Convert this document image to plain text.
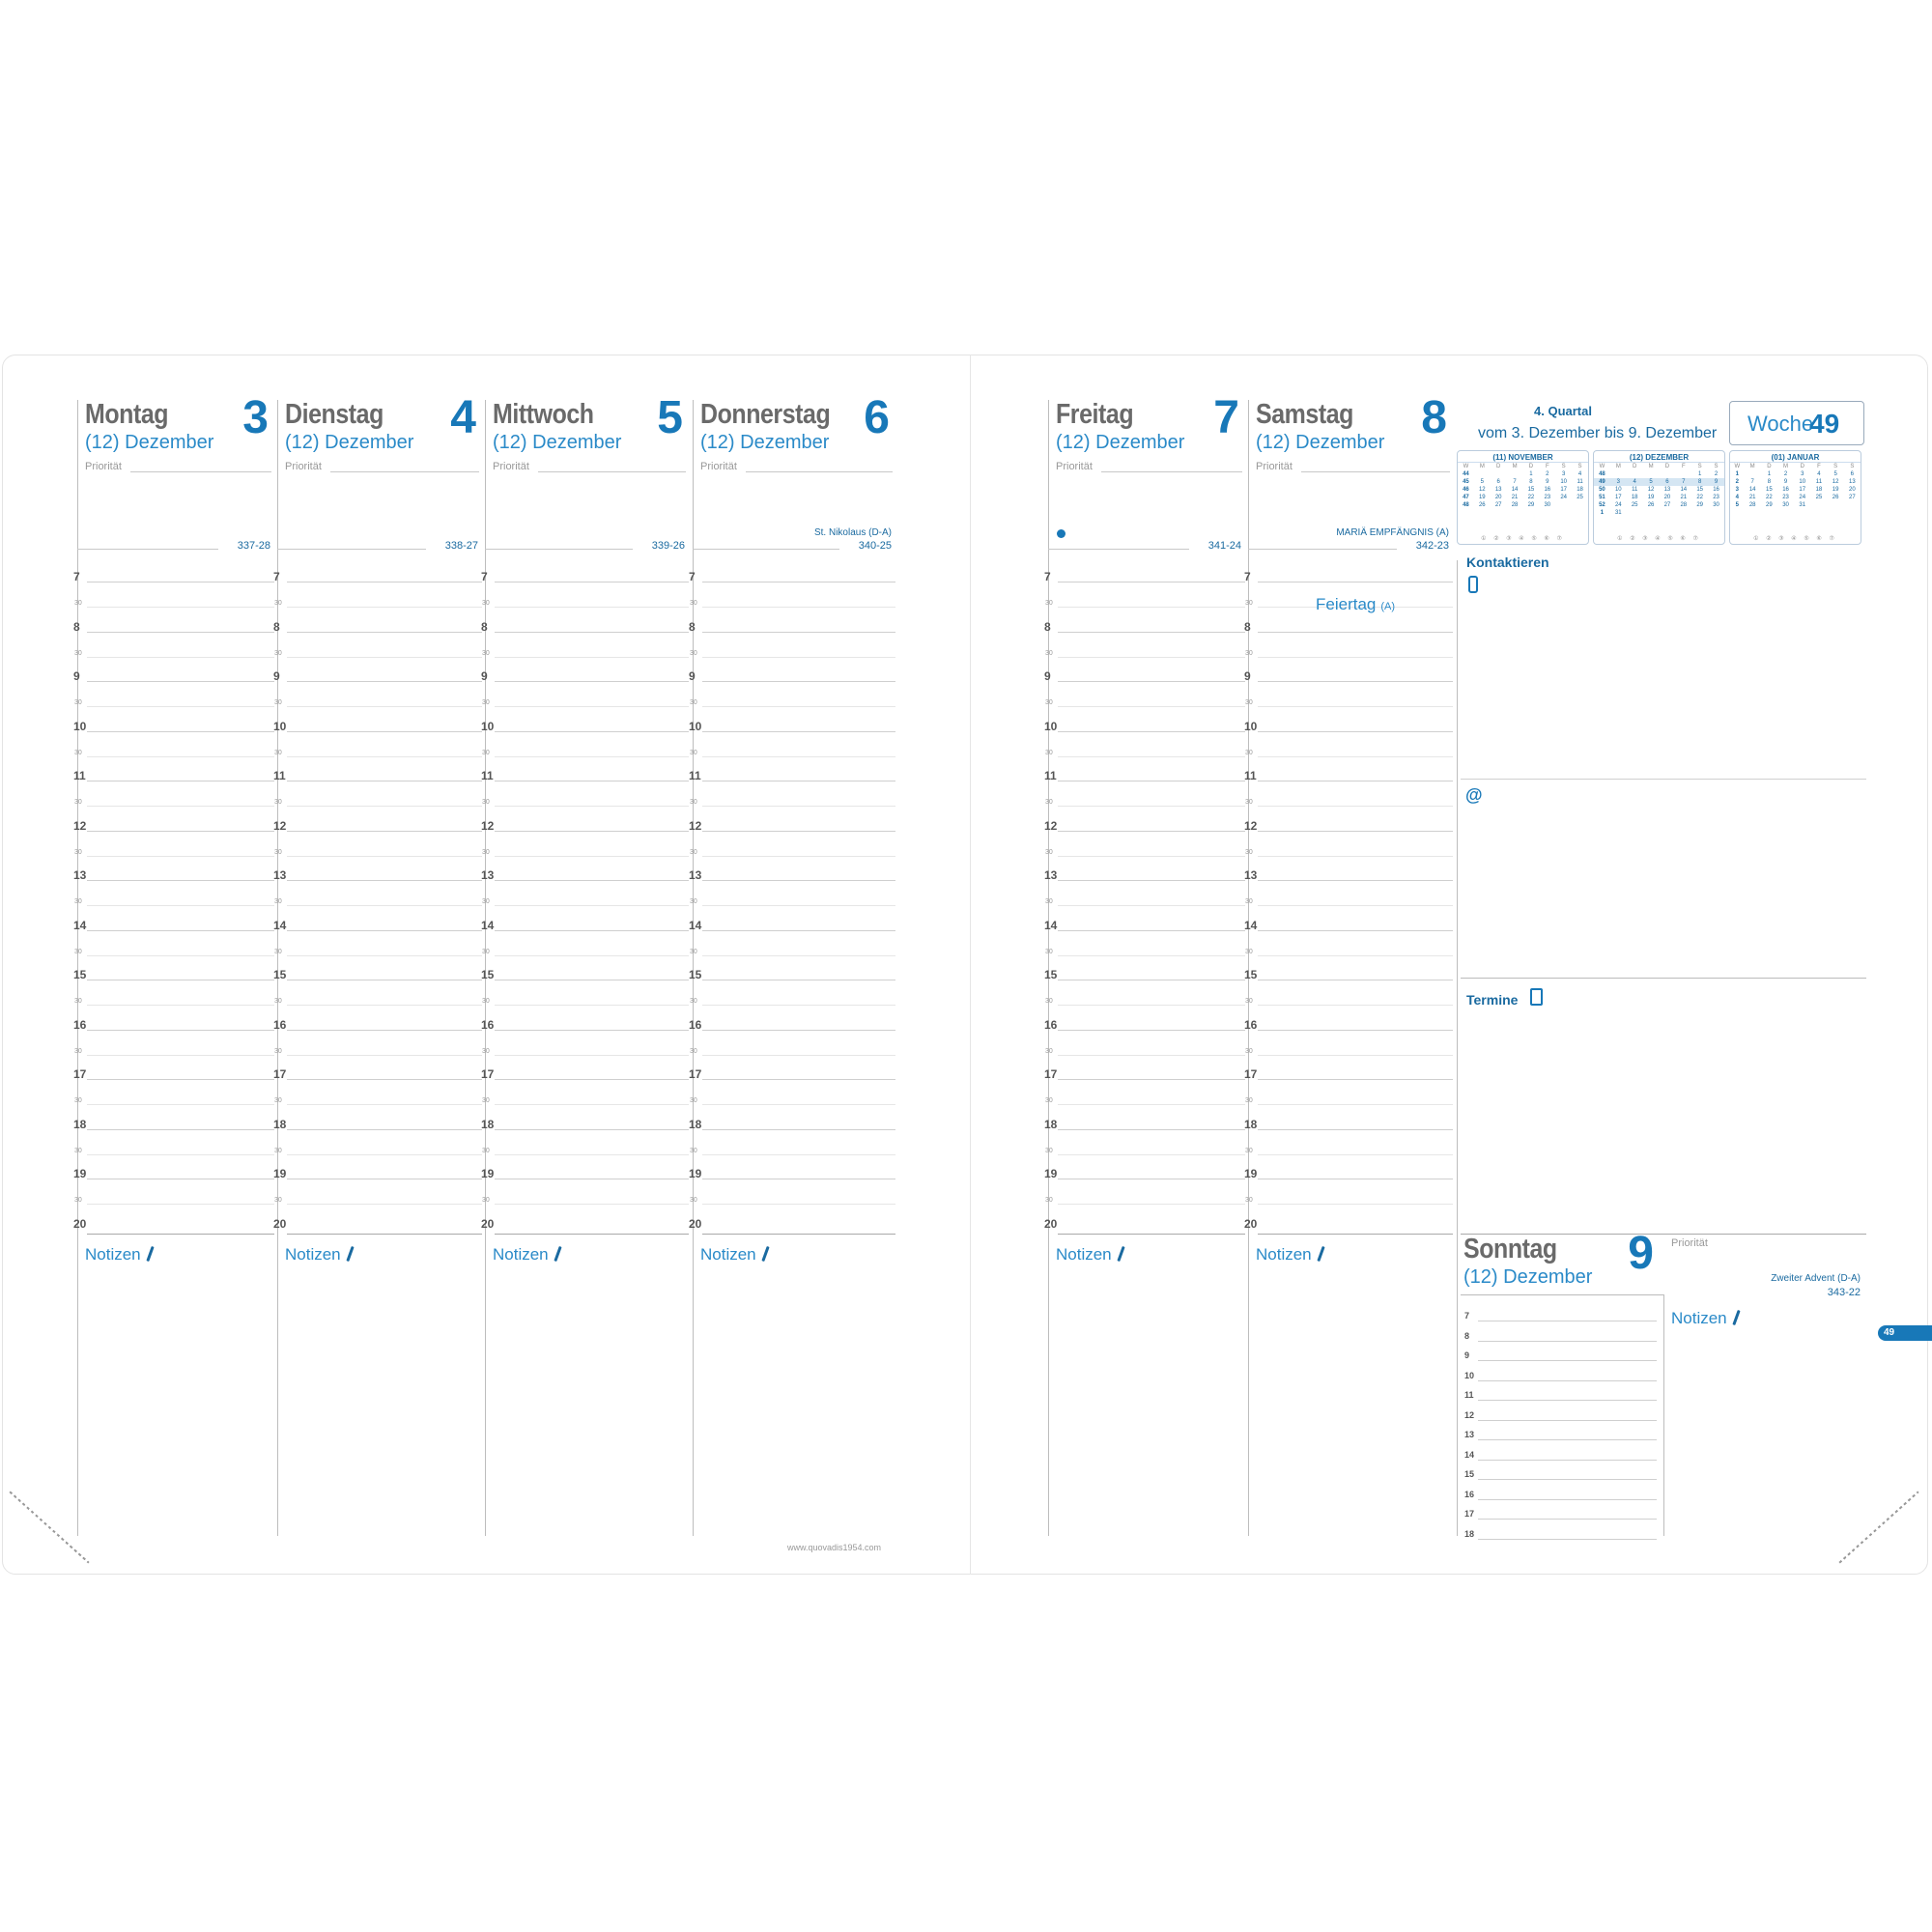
Montag	3
(12) Dezember
Priorität
337-28
7
30
8
30
9
30
10
30
11
30
12
30
13
30
14
30
15
30
16
30
17
30
18
30
19
30
20
Notizen
Dienstag	4
(12) Dezember
Priorität
338-27
7
30
8
30
9
30
10
30
11
30
12
30
13
30
14
30
15
30
16
30
17
30
18
30
19
30
20
Notizen
Mittwoch	5
(12) Dezember
Priorität
339-26
7
30
8
30
9
30
10
30
11
30
12
30
13
30
14
30
15
30
16
30
17
30
18
30
19
30
20
Notizen
Donnerstag 6
(12) Dezember
Priorität
340-25
St. Nikolaus (D-A)
7
30
8
30
9
30
10
30
11
30
12
30
13
30
14
30
15
30
16
30
17
30
18
30
19
30
20
Notizen
Freitag	7
(12) Dezember
Priorität
341-24
7
30
8
30
9
30
10
30
11
30
12
30
13
30
14
30
15
30
16
30
17
30
18
30
19
30
20
Notizen
Samstag	8
(12) Dezember
Priorität
342-23
MARIÄ EMPFÄNGNIS (A)
7
30
8
30
9
30
10
30
11
30
12
30
13
30
14
30
15
30
16
30
17
30
18
30
19
30
20
Notizen
Feiertag (A)
4. Quartal
vom 3. Dezember bis 9. Dezember Woche
49
(11) NOVEMBER
W	M	D	M	D	F	S	S
44				1	2	3	4
45	5	6	7	8	9	10	11
46	12	13	14	15	16	17	18
47	19	20	21	22	23	24	25
48	26	27	28	29	30		
① ② ③ ④ ⑤ ⑥ ⑦
(12) DEZEMBER
W	M	D	M	D	F	S	S
48						1	2
49	3	4	5	6	7	8	9
50	10	11	12	13	14	15	16
51	17	18	19	20	21	22	23
52	24	25	26	27	28	29	30
1	31						
① ② ③ ④ ⑤ ⑥ ⑦
(01) JANUAR
W	M	D	M	D	F	S	S
1		1	2	3	4	5	6
2	7	8	9	10	11	12	13
3	14	15	16	17	18	19	20
4	21	22	23	24	25	26	27
5	28	29	30	31			
① ② ③ ④ ⑤ ⑥ ⑦
Kontaktieren
@
Termine
Sonntag	9
(12) Dezember
Priorität
Zweiter Advent (D-A)
343-22
Notizen
7
8
9
10
11
12
13
14
15
16
17
18
49
www.quovadis1954.com
